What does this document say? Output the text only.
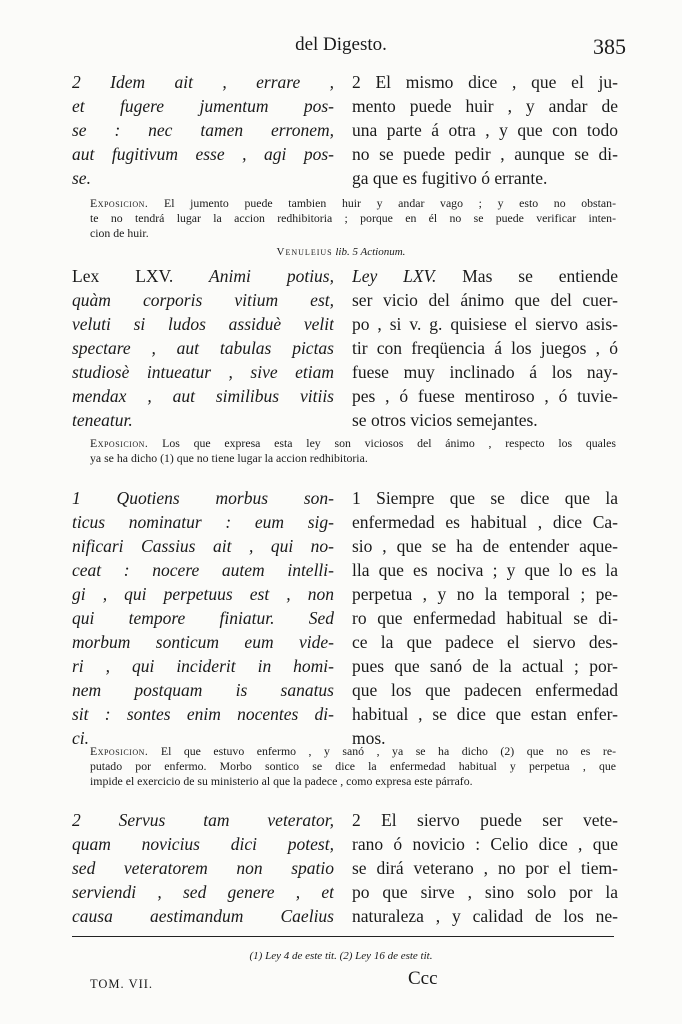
del Digesto.	385
2 Idem ait , errare ,
et fugere jumentum pos-
se : nec tamen erronem,
aut fugitivum esse , agi pos-
se.
2 El mismo dice , que el ju-
mento puede huir , y andar de
una parte á otra , y que con todo
no se puede pedir , aunque se di-
ga que es fugitivo ó errante.
Exposicion. El jumento puede tambien huir y andar vago ; y esto no obstan-
te no tendrá lugar la accion redhibitoria ; porque en él no se puede verificar inten-
cion de huir.
Venuleius lib. 5 Actionum.
Lex LXV. Animi potius,
quàm corporis vitium est,
veluti si ludos assiduè velit
spectare , aut tabulas pictas
studiosè intueatur , sive etiam
mendax , aut similibus vitiis
teneatur.
Ley LXV. Mas se entiende
ser vicio del ánimo que del cuer-
po , si v. g. quisiese el siervo asis-
tir con freqüencia á los juegos , ó
fuese muy inclinado á los nay-
pes , ó fuese mentiroso , ó tuvie-
se otros vicios semejantes.
Exposicion. Los que expresa esta ley son viciosos del ánimo , respecto los quales
ya se ha dicho (1) que no tiene lugar la accion redhibitoria.
1 Quotiens morbus son-
ticus nominatur : eum sig-
nificari Cassius ait , qui no-
ceat : nocere autem intelli-
gi , qui perpetuus est , non
qui tempore finiatur. Sed
morbum sonticum eum vide-
ri , qui inciderit in homi-
nem postquam is sanatus
sit : sontes enim nocentes di-
ci.
1 Siempre que se dice que la
enfermedad es habitual , dice Ca-
sio , que se ha de entender aque-
lla que es nociva ; y que lo es la
perpetua , y no la temporal ; pe-
ro que enfermedad habitual se di-
ce la que padece el siervo des-
pues que sanó de la actual ; por-
que los que padecen enfermedad
habitual , se dice que estan enfer-
mos.
Exposicion. El que estuvo enfermo , y sanó , ya se ha dicho (2) que no es re-
putado por enfermo. Morbo sontico se dice la enfermedad habitual y perpetua , que
impide el exercicio de su ministerio al que la padece , como expresa este párrafo.
2 Servus tam veterator,
quam novicius dici potest,
sed veteratorem non spatio
serviendi , sed genere , et
causa aestimandum Caelius
2 El siervo puede ser vete-
rano ó novicio : Celio dice , que
se dirá veterano , no por el tiem-
po que sirve , sino solo por la
naturaleza , y calidad de los ne-
(1) Ley 4 de este tit. (2) Ley 16 de este tit.
TOM. VII.	Ccc
